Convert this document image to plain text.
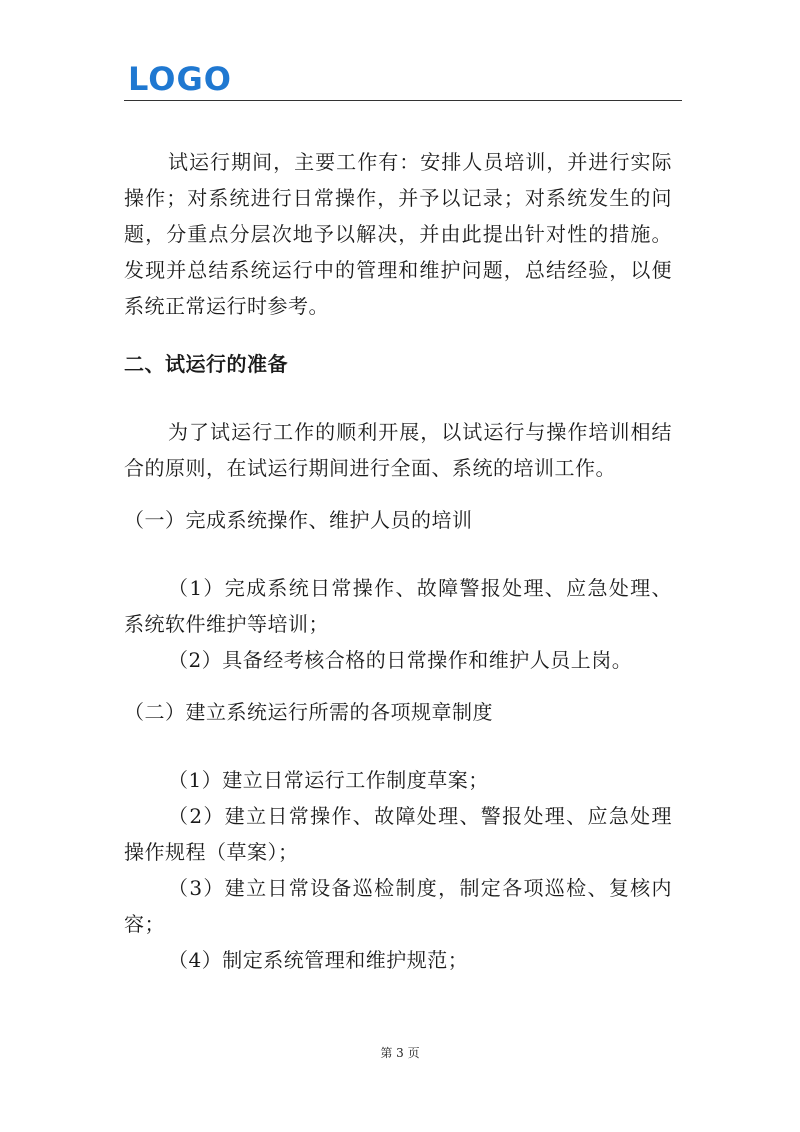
LOGO

试运行期间，主要工作有：安排人员培训，并进行实际操作；对系统进行日常操作，并予以记录；对系统发生的问题，分重点分层次地予以解决，并由此提出针对性的措施。发现并总结系统运行中的管理和维护问题，总结经验，以便系统正常运行时参考。

二、试运行的准备

为了试运行工作的顺利开展，以试运行与操作培训相结合的原则，在试运行期间进行全面、系统的培训工作。

（一）完成系统操作、维护人员的培训

（1）完成系统日常操作、故障警报处理、应急处理、系统软件维护等培训；

（2）具备经考核合格的日常操作和维护人员上岗。

（二）建立系统运行所需的各项规章制度

（1）建立日常运行工作制度草案；

（2）建立日常操作、故障处理、警报处理、应急处理操作规程（草案）；

（3）建立日常设备巡检制度，制定各项巡检、复核内容；

（4）制定系统管理和维护规范；

第 3 页
